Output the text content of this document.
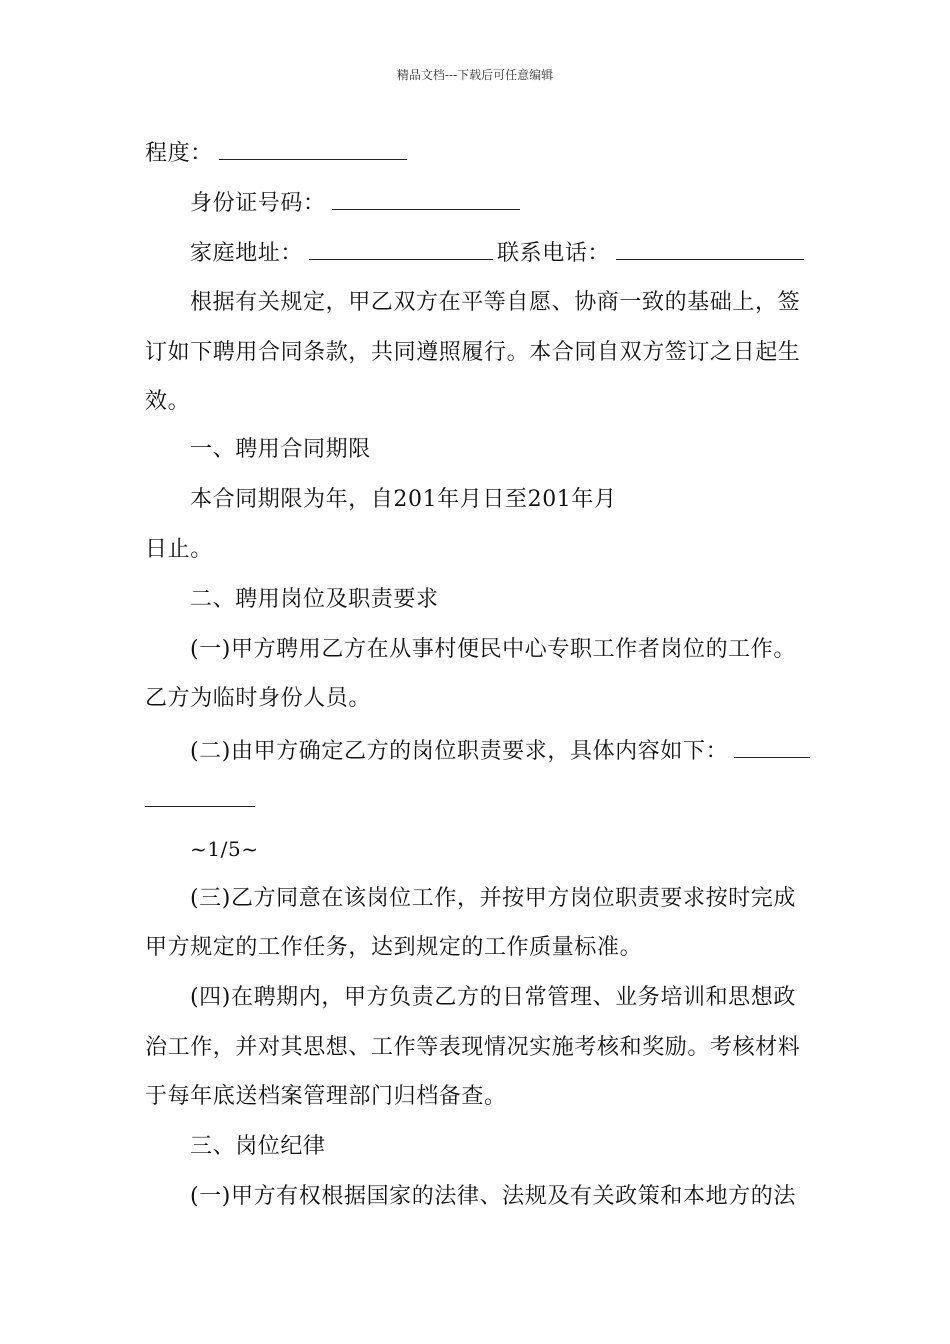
精品文档---下载后可任意编辑
程度：
身份证号码：
家庭地址：	联系电话：
根据有关规定，甲乙双方在平等自愿、协商一致的基础上，签
订如下聘用合同条款，共同遵照履行。本合同自双方签订之日起生
效。
一、聘用合同期限
本合同期限为年，自201年月日至201年月
日止。
二、聘用岗位及职责要求
(一)甲方聘用乙方在从事村便民中心专职工作者岗位的工作。
乙方为临时身份人员。
(二)由甲方确定乙方的岗位职责要求，具体内容如下：
~1/5~
(三)乙方同意在该岗位工作，并按甲方岗位职责要求按时完成
甲方规定的工作任务，达到规定的工作质量标准。
(四)在聘期内，甲方负责乙方的日常管理、业务培训和思想政
治工作，并对其思想、工作等表现情况实施考核和奖励。考核材料
于每年底送档案管理部门归档备查。
三、岗位纪律
(一)甲方有权根据国家的法律、法规及有关政策和本地方的法
